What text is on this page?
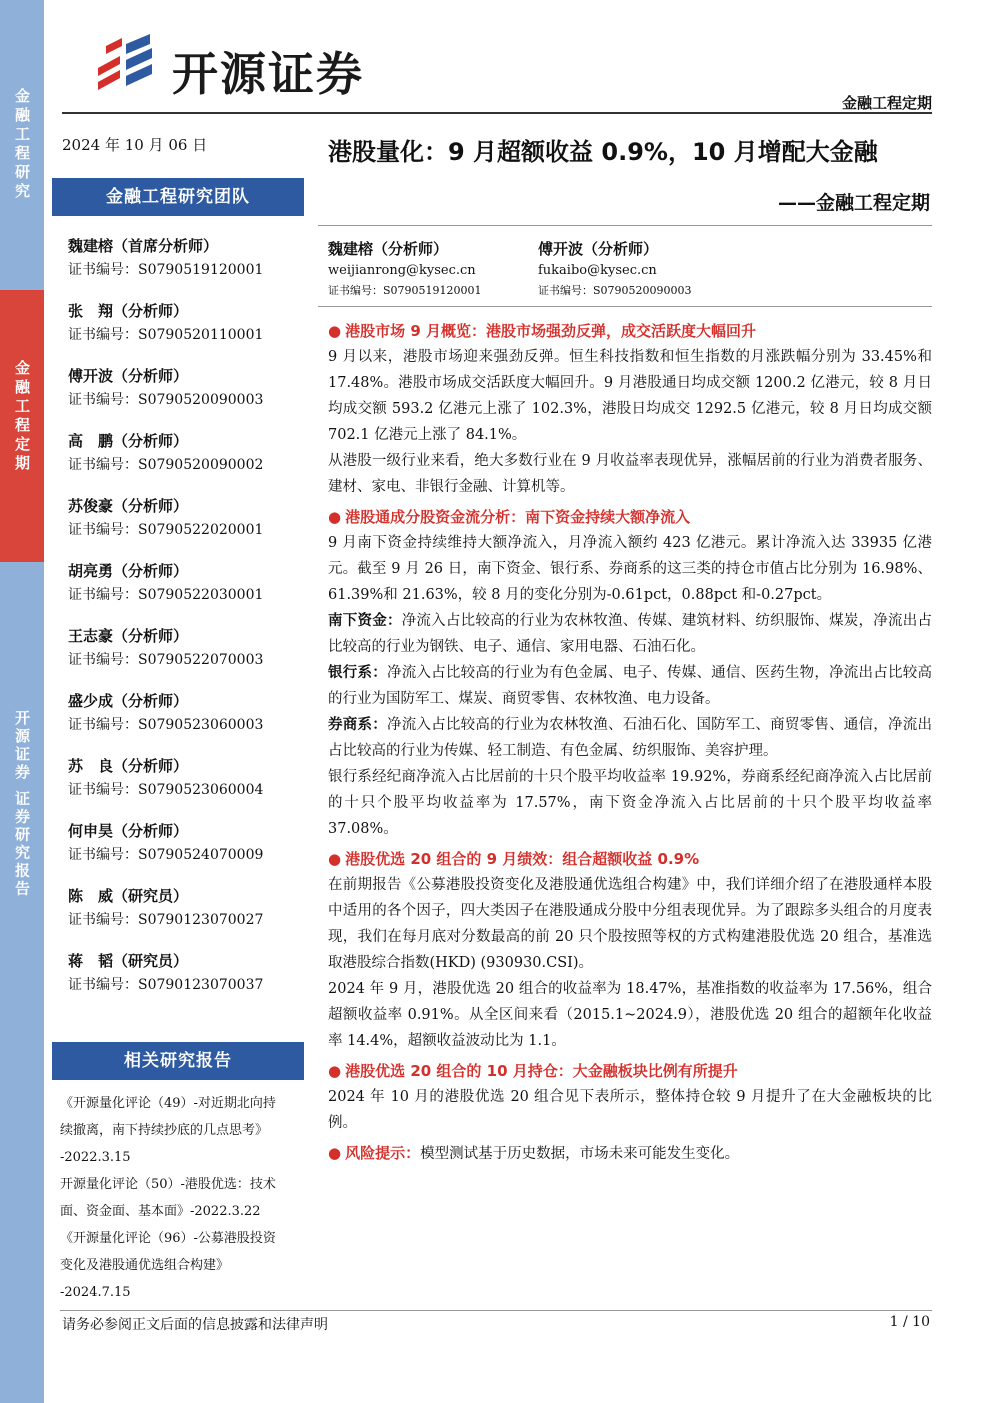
金融工程研究
金融工程定期
开源证券 证券研究报告
开源证券
金融工程定期
2024 年 10 月 06 日
金融工程研究团队
魏建榕（首席分析师）
证书编号：S0790519120001
张　翔（分析师）
证书编号：S0790520110001
傅开波（分析师）
证书编号：S0790520090003
高　鹏（分析师）
证书编号：S0790520090002
苏俊豪（分析师）
证书编号：S0790522020001
胡亮勇（分析师）
证书编号：S0790522030001
王志豪（分析师）
证书编号：S0790522070003
盛少成（分析师）
证书编号：S0790523060003
苏　良（分析师）
证书编号：S0790523060004
何申昊（分析师）
证书编号：S0790524070009
陈　威（研究员）
证书编号：S0790123070027
蒋　韬（研究员）
证书编号：S0790123070037
相关研究报告
《开源量化评论（49）-对近期北向持
续撤离，南下持续抄底的几点思考》
-2022.3.15
开源量化评论（50）-港股优选：技术
面、资金面、基本面》-2022.3.22
《开源量化评论（96）-公募港股投资
变化及港股通优选组合构建》
-2024.7.15
港股量化：9 月超额收益 0.9%，10 月增配大金融
——金融工程定期
魏建榕（分析师）
weijianrong@kysec.cn
证书编号：S0790519120001
傅开波（分析师）
fukaibo@kysec.cn
证书编号：S0790520090003
● 港股市场 9 月概览：港股市场强劲反弹，成交活跃度大幅回升
9 月以来，港股市场迎来强劲反弹。恒生科技指数和恒生指数的月涨跌幅分别为 33.45%和 17.48%。港股市场成交活跃度大幅回升。9 月港股通日均成交额 1200.2 亿港元，较 8 月日均成交额 593.2 亿港元上涨了 102.3%，港股日均成交 1292.5 亿港元，较 8 月日均成交额 702.1 亿港元上涨了 84.1%。
从港股一级行业来看，绝大多数行业在 9 月收益率表现优异，涨幅居前的行业为消费者服务、建材、家电、非银行金融、计算机等。
● 港股通成分股资金流分析：南下资金持续大额净流入
9 月南下资金持续维持大额净流入，月净流入额约 423 亿港元。累计净流入达 33935 亿港元。截至 9 月 26 日，南下资金、银行系、券商系的这三类的持仓市值占比分别为 16.98%、61.39%和 21.63%，较 8 月的变化分别为-0.61pct，0.88pct 和-0.27pct。
南下资金：净流入占比较高的行业为农林牧渔、传媒、建筑材料、纺织服饰、煤炭，净流出占比较高的行业为钢铁、电子、通信、家用电器、石油石化。
银行系：净流入占比较高的行业为有色金属、电子、传媒、通信、医药生物，净流出占比较高的行业为国防军工、煤炭、商贸零售、农林牧渔、电力设备。
券商系：净流入占比较高的行业为农林牧渔、石油石化、国防军工、商贸零售、通信，净流出占比较高的行业为传媒、轻工制造、有色金属、纺织服饰、美容护理。
银行系经纪商净流入占比居前的十只个股平均收益率 19.92%，券商系经纪商净流入占比居前的十只个股平均收益率为 17.57%，南下资金净流入占比居前的十只个股平均收益率 37.08%。
● 港股优选 20 组合的 9 月绩效：组合超额收益 0.9%
在前期报告《公募港股投资变化及港股通优选组合构建》中，我们详细介绍了在港股通样本股中适用的各个因子，四大类因子在港股通成分股中分组表现优异。为了跟踪多头组合的月度表现，我们在每月底对分数最高的前 20 只个股按照等权的方式构建港股优选 20 组合，基准选取港股综合指数(HKD) (930930.CSI)。
2024 年 9 月，港股优选 20 组合的收益率为 18.47%，基准指数的收益率为 17.56%，组合超额收益率 0.91%。从全区间来看（2015.1~2024.9），港股优选 20 组合的超额年化收益率 14.4%，超额收益波动比为 1.1。
● 港股优选 20 组合的 10 月持仓：大金融板块比例有所提升
2024 年 10 月的港股优选 20 组合见下表所示，整体持仓较 9 月提升了在大金融板块的比例。
● 风险提示：模型测试基于历史数据，市场未来可能发生变化。
请务必参阅正文后面的信息披露和法律声明	1 / 10
